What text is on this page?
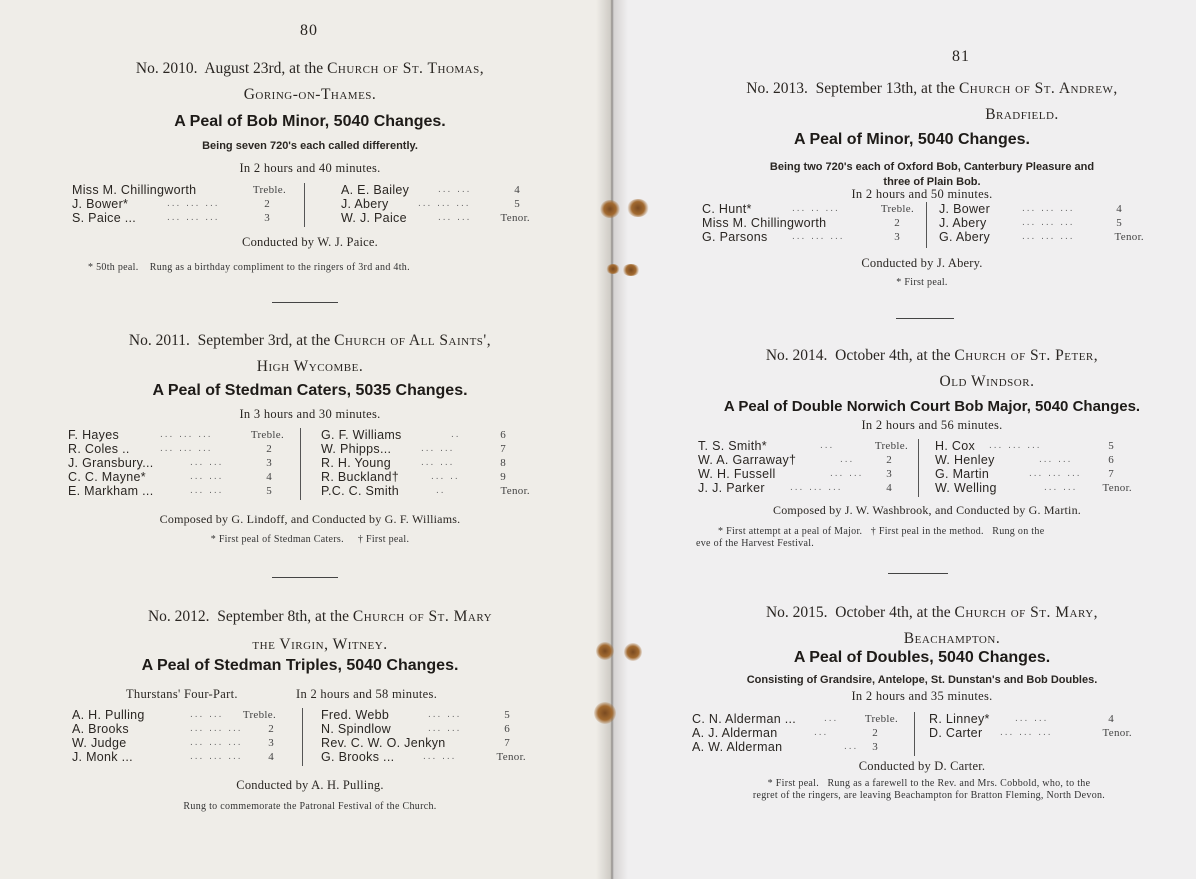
80
No. 2010. August 23rd, at the Church of St. Thomas,
Goring-on-Thames.
A Peal of Bob Minor, 5040 Changes.
Being seven 720's each called differently.
In 2 hours and 40 minutes.
Miss M. Chillingworth	Treble.
J. Bower*	... ... ...	2
S. Paice ...	... ... ...	3
A. E. Bailey	... ...	4
J. Abery	... ... ...	5
W. J. Paice	... ...	Tenor.
Conducted by W. J. Paice.
* 50th peal.    Rung as a birthday compliment to the ringers of 3rd and 4th.
No. 2011. September 3rd, at the Church of All Saints',
High Wycombe.
A Peal of Stedman Caters, 5035 Changes.
In 3 hours and 30 minutes.
F. Hayes	... ... ...	Treble.
R. Coles ..	... ... ...	2
J. Gransbury...	... ...	3
C. C. Mayne*	... ...	4
E. Markham ...	... ...	5
G. F. Williams	..	6
W. Phipps...	... ...	7
R. H. Young	... ...	8
R. Buckland†	... ..	9
P.C. C. Smith	..	Tenor.
Composed by G. Lindoff, and Conducted by G. F. Williams.
* First peal of Stedman Caters.     † First peal.
No. 2012. September 8th, at the Church of St. Mary
the Virgin, Witney.
A Peal of Stedman Triples, 5040 Changes.
Thurstans' Four-Part.	In 2 hours and 58 minutes.
A. H. Pulling	... ... Treble.
A. Brooks	... ... ... 2
W. Judge	... ... ... 3
J. Monk ...	... ... ... 4
Fred. Webb	... ...	5
N. Spindlow	... ...	6
Rev. C. W. O. Jenkyn	7
G. Brooks ...	... ...	Tenor.
Conducted by A. H. Pulling.
Rung to commemorate the Patronal Festival of the Church.
81
No. 2013. September 13th, at the Church of St. Andrew,
Bradfield.
A Peal of Minor, 5040 Changes.
Being two 720's each of Oxford Bob, Canterbury Pleasure and
three of Plain Bob.
In 2 hours and 50 minutes.
C. Hunt*	... .. ...	Treble.
Miss M. Chillingworth	2
G. Parsons ... ... ...	3
J. Bower	... ... ...	4
J. Abery	... ... ...	5
G. Abery	... ... ...	Tenor.
Conducted by J. Abery.
* First peal.
No. 2014. October 4th, at the Church of St. Peter,
Old Windsor.
A Peal of Double Norwich Court Bob Major, 5040 Changes.
In 2 hours and 56 minutes.
T. S. Smith*	...	Treble.
W. A. Garraway†	...	2
W. H. Fussell	... ... 3
J. J. Parker	... ... ...	4
H. Cox ... ... ...	5
W. Henley	... ...	6
G. Martin	... ... ... 7
W. Welling	... ... Tenor.
Composed by J. W. Washbrook, and Conducted by G. Martin.
* First attempt at a peal of Major.   † First peal in the method.   Rung on the
eve of the Harvest Festival.
No. 2015. October 4th, at the Church of St. Mary,
Beachampton.
A Peal of Doubles, 5040 Changes.
Consisting of Grandsire, Antelope, St. Dunstan's and Bob Doubles.
In 2 hours and 35 minutes.
C. N. Alderman ...	... Treble.
A. J. Alderman	...	2
A. W. Alderman	... 3
R. Linney*	... ...	4
D. Carter ... ... ...	Tenor.
Conducted by D. Carter.
* First peal.   Rung as a farewell to the Rev. and Mrs. Cobbold, who, to the
regret of the ringers, are leaving Beachampton for Bratton Fleming, North Devon.
